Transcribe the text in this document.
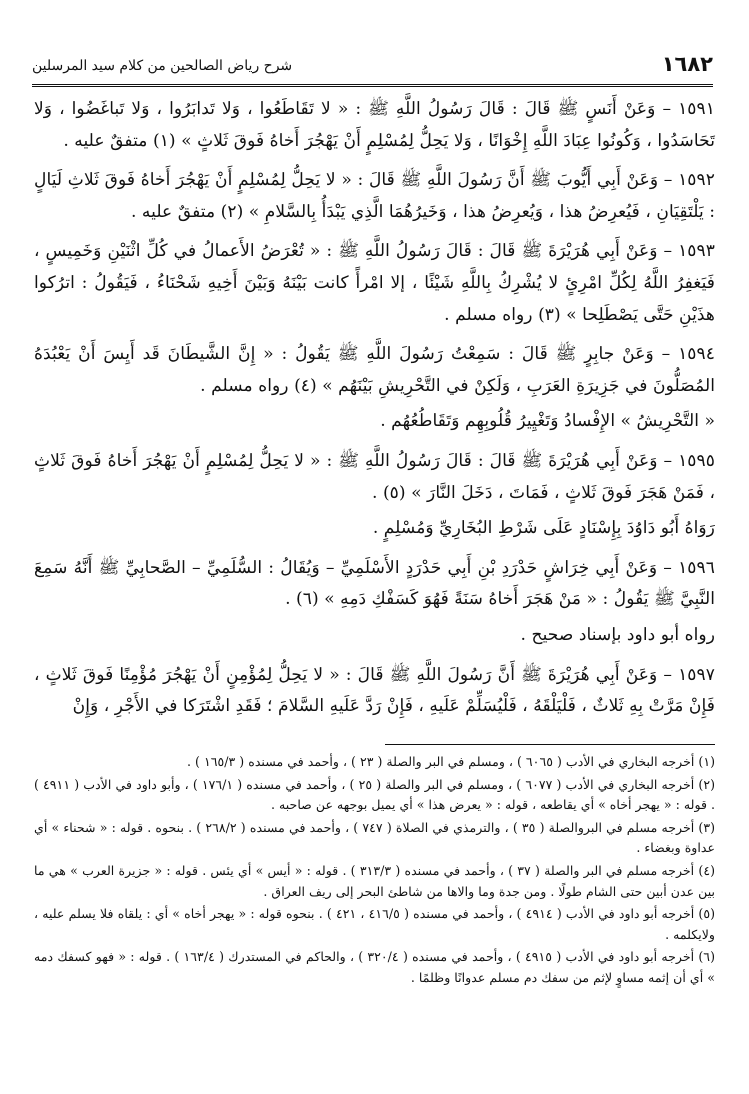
١٦٨٢
شرح رياض الصالحين من كلام سيد المرسلين

١٥٩١ – وَعَنْ أَنَسٍ ﷺ قَالَ : قَالَ رَسُولُ اللَّهِ ﷺ : « لا تَقَاطَعُوا ، وَلا تَدابَرُوا ، وَلا تَباغَضُوا ، وَلا تَحَاسَدُوا ، وَكُونُوا عِبَادَ اللَّهِ إِخْوَانًا ، وَلا يَحِلُّ لِمُسْلِمٍ أَنْ يَهْجُرَ أَخاهُ فَوقَ ثَلاثٍ » (١) متفقٌ عليه .

١٥٩٢ – وَعَنْ أَبِي أَيُّوبَ ﷺ أَنَّ رَسُولَ اللَّهِ ﷺ قَالَ : « لا يَحِلُّ لِمُسْلِمٍ أَنْ يَهْجُرَ أَخاهُ فَوقَ ثَلاثِ لَيَالٍ : يَلْتَقِيَانِ ، فَيُعرِضُ هذا ، وَيُعرِضُ هذا ، وَخَيرُهُمَا الَّذِي يَبْدَأُ بِالسَّلامِ » (٢) متفقٌ عليه .

١٥٩٣ – وَعَنْ أَبِي هُرَيْرَةَ ﷺ قَالَ : قَالَ رَسُولُ اللَّهِ ﷺ : « تُعْرَضُ الأَعمالُ في كُلِّ اثْنَيْنِ وَخَمِيسٍ ، فَيَغفِرُ اللَّهُ لِكُلِّ امْرِئٍ لا يُشْرِكُ بِاللَّهِ شَيْئًا ، إلا امْرأً كانت بَيْنَهُ وَبَيْنَ أَخِيهِ شَحْنَاءُ ، فَيَقُولُ : اترُكوا هذَيْنِ حَتَّى يَصْطَلِحا » (٣) رواه مسلم .

١٥٩٤ – وَعَنْ جابِرٍ ﷺ قَالَ : سَمِعْتُ رَسُولَ اللَّهِ ﷺ يَقُولُ : « إِنَّ الشَّيطَانَ قَد أَيِسَ أَنْ يَعْبُدَهُ المُصَلُّونَ في جَزِيرَةِ العَرَبِ ، وَلَكِنْ في التَّحْرِيشِ بَيْنَهُم » (٤) رواه مسلم .

« التَّحْرِيشُ » الإِفْسادُ وَتَغْيِيرُ قُلُوبِهِم وَتَقَاطُعُهُم .

١٥٩٥ – وَعَنْ أَبِي هُرَيْرَةَ ﷺ قَالَ : قَالَ رَسُولُ اللَّهِ ﷺ : « لا يَحِلُّ لِمُسْلِمٍ أَنْ يَهْجُرَ أَخاهُ فَوقَ ثَلاثٍ ، فَمَنْ هَجَرَ فَوقَ ثَلاثٍ ، فَمَاتَ ، دَخَلَ النَّارَ » (٥) .

رَوَاهُ أَبُو دَاوُدَ بِإِسْنَادٍ عَلَى شَرْطِ البُخَارِيِّ وَمُسْلِمٍ .

١٥٩٦ – وَعَنْ أَبِي خِرَاشٍ حَدْرَدِ بْنِ أَبِي حَدْرَدٍ الأَسْلَمِيِّ – وَيُقَالُ : السُّلَمِيِّ – الصَّحابِيِّ ﷺ أَنَّهُ سَمِعَ النَّبِيَّ ﷺ يَقُولُ : « مَنْ هَجَرَ أَخاهُ سَنَةً فَهُوَ كَسَفْكِ دَمِهِ » (٦) .

رواه أبو داود بإسناد صحيح .

١٥٩٧ – وَعَنْ أَبِي هُرَيْرَةَ ﷺ أَنَّ رَسُولَ اللَّهِ ﷺ قَالَ : « لا يَحِلُّ لِمُؤْمِنٍ أَنْ يَهْجُرَ مُؤْمِنًا فَوقَ ثَلاثٍ ، فَإِنْ مَرَّتْ بِهِ ثَلاثٌ ، فَلْيَلْقَهُ ، فَلْيُسَلِّمْ عَلَيهِ ، فَإِنْ رَدَّ عَلَيهِ السَّلامَ ؛ فَقَدِ اشْتَرَكا في الأَجْرِ ، وَإِنْ

(١) أخرجه البخاري في الأدب ( ٦٠٦٥ ) ، ومسلم في البر والصلة ( ٢٣ ) ، وأحمد في مسنده ( ١٦٥/٣ ) .

(٢) أخرجه البخاري في الأدب ( ٦٠٧٧ ) ، ومسلم في البر والصلة ( ٢٥ ) ، وأحمد في مسنده ( ١٧٦/١ ) ، وأبو داود في الأدب ( ٤٩١١ ) . قوله : « يهجر أخاه » أي يقاطعه ، قوله : « يعرض هذا » أي يميل بوجهه عن صاحبه .

(٣) أخرجه مسلم في البروالصلة ( ٣٥ ) ، والترمذي في الصلاة ( ٧٤٧ ) ، وأحمد في مسنده ( ٢٦٨/٢ ) . بنحوه . قوله : « شحناء » أي عداوة وبغضاء .

(٤) أخرجه مسلم في البر والصلة ( ٣٧ ) ، وأحمد في مسنده ( ٣١٣/٣ ) . قوله : « أيس » أي يئس . قوله : « جزيرة العرب » هي ما بين عدن أبين حتى الشام طولًا . ومن جدة وما والاها من شاطئ البحر إلى ريف العراق .

(٥) أخرجه أبو داود في الأدب ( ٤٩١٤ ) ، وأحمد في مسنده ( ٤١٦/٥ ، ٤٢١ ) . بنحوه قوله : « يهجر أخاه » أي : يلقاه فلا يسلم عليه ، ولايكلمه .

(٦) أخرجه أبو داود في الأدب ( ٤٩١٥ ) ، وأحمد في مسنده ( ٣٢٠/٤ ) ، والحاكم في المستدرك ( ١٦٣/٤ ) . قوله : « فهو كسفك دمه » أي أن إثمه مساوٍ لإثم من سفك دم مسلم عدوانًا وظلمًا .
